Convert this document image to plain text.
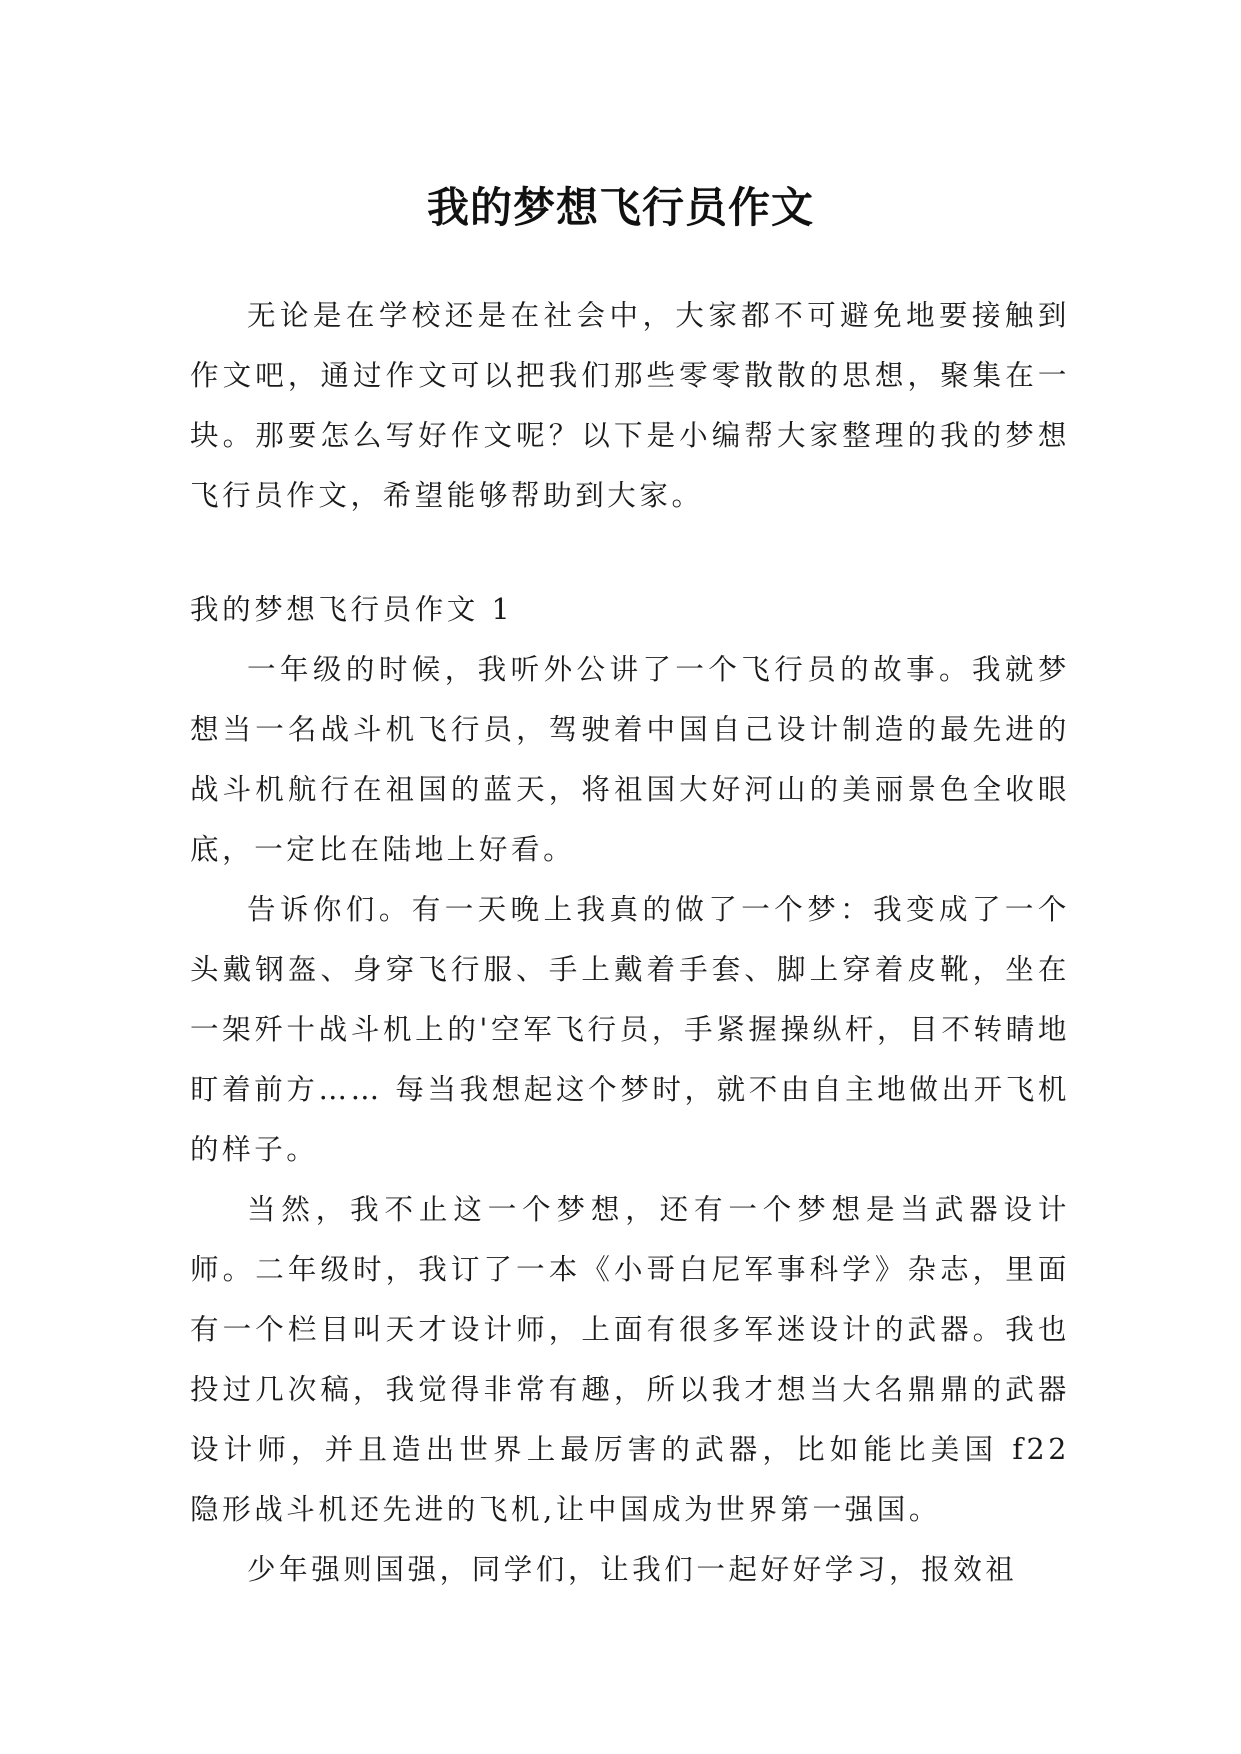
我的梦想飞行员作文

无论是在学校还是在社会中，大家都不可避免地要接触到作文吧，通过作文可以把我们那些零零散散的思想，聚集在一块。那要怎么写好作文呢？以下是小编帮大家整理的我的梦想飞行员作文，希望能够帮助到大家。

我的梦想飞行员作文 1

一年级的时候，我听外公讲了一个飞行员的故事。我就梦想当一名战斗机飞行员，驾驶着中国自己设计制造的最先进的战斗机航行在祖国的蓝天，将祖国大好河山的美丽景色全收眼底，一定比在陆地上好看。

告诉你们。有一天晚上我真的做了一个梦：我变成了一个头戴钢盔、身穿飞行服、手上戴着手套、脚上穿着皮靴，坐在一架歼十战斗机上的'空军飞行员，手紧握操纵杆，目不转睛地盯着前方…… 每当我想起这个梦时，就不由自主地做出开飞机的样子。

当然，我不止这一个梦想，还有一个梦想是当武器设计师。二年级时，我订了一本《小哥白尼军事科学》杂志，里面有一个栏目叫天才设计师，上面有很多军迷设计的武器。我也投过几次稿，我觉得非常有趣，所以我才想当大名鼎鼎的武器设计师，并且造出世界上最厉害的武器，比如能比美国 f22 隐形战斗机还先进的飞机,让中国成为世界第一强国。

少年强则国强，同学们，让我们一起好好学习，报效祖
